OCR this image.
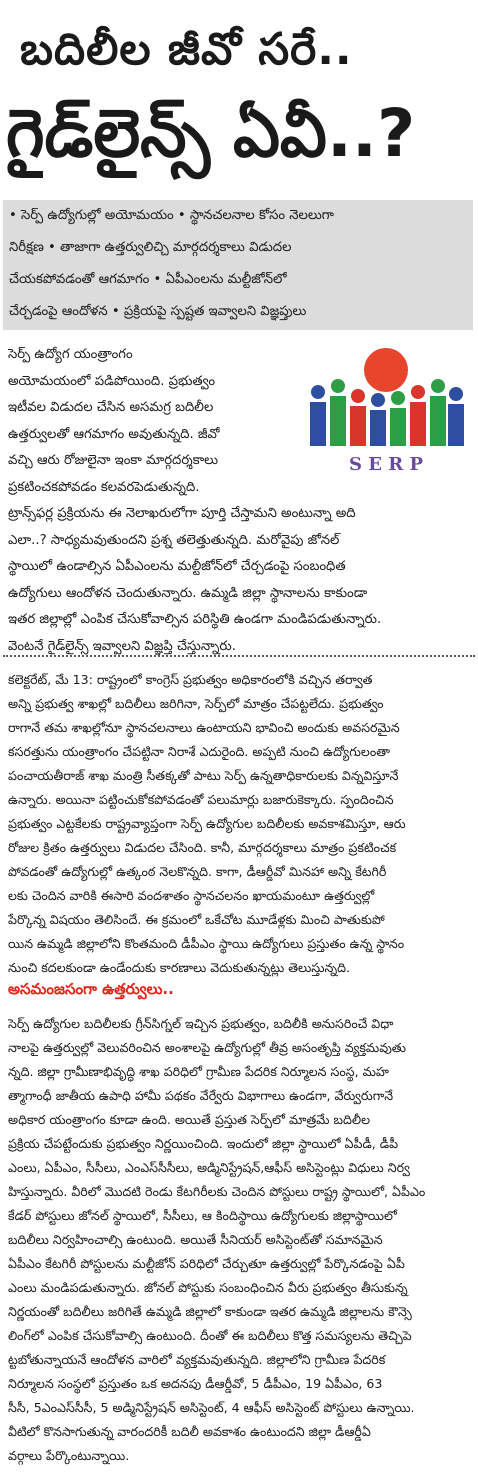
బదిలీల జీవో సరే..
గైడ్‌లైన్స్ ఏవీ..?

• సెర్ప్ ఉద్యోగుల్లో అయోమయం • స్థానచలనాల కోసం నెలలుగా

నిరీక్షణ • తాజాగా ఉత్తర్వులిచ్చి మార్గదర్శకాలు విడుదల

చేయకపోవడంతో ఆగమాగం • ఏపీఎంలను మల్టీజోన్‌లో

చేర్చడంపై ఆందోళన • ప్రక్రియపై స్పష్టత ఇవ్వాలని విజ్ఞప్తులు

సెర్ప్ ఉద్యోగ యంత్రాంగం

అయోమయంలో పడిపోయింది. ప్రభుత్వం

ఇటీవల విడుదల చేసిన అసమగ్ర బదిలీల

ఉత్తర్వులతో ఆగమాగం అవుతున్నది. జీవో

వచ్చి ఆరు రోజులైనా ఇంకా మార్గదర్శకాలు

ప్రకటించకపోవడం కలవరపెడుతున్నది.

ట్రాన్స్‌ఫర్ల ప్రక్రియను ఈ నెలాఖరులోగా పూర్తి చేస్తామని అంటున్నా అది

ఎలా..? సాధ్యమవుతుందని ప్రశ్న తలెత్తుతున్నది. మరోవైపు జోనల్

స్థాయిలో ఉండాల్సిన ఏపీఎంలను మల్టీజోన్‌లో చేర్చడంపై సంబంధిత

ఉద్యోగులు ఆందోళన చెందుతున్నారు. ఉమ్మడి జిల్లా స్థానాలను కాకుండా

ఇతర జిల్లాల్లో ఎంపిక చేసుకోవాల్సిన పరిస్థితి ఉండగా మండిపడుతున్నారు.

వెంటనే గైడ్‌లైన్స్ ఇవ్వాలని విజ్ఞప్తి చేస్తున్నారు.

S E R P

కలెక్టరేట్, మే 13: రాష్ట్రంలో కాంగ్రెస్ ప్రభుత్వం అధికారంలోకి వచ్చిన తర్వాత

అన్ని ప్రభుత్వ శాఖల్లో బదిలీలు జరిగినా, సెర్ప్‌లో మాత్రం చేపట్టలేదు. ప్రభుత్వం

రాగానే తమ శాఖల్లోనూ స్థానచలనాలు ఉంటాయని భావించి అందుకు అవసరమైన

కసరత్తును యంత్రాంగం చేపట్టినా నిరాశే ఎదురైంది. అప్పటి నుంచి ఉద్యోగులంతా

పంచాయతీరాజ్ శాఖ మంత్రి సీతక్కతో పాటు సెర్ప్ ఉన్నతాధికారులకు విన్నవిస్తూనే

ఉన్నారు. అయినా పట్టించుకోకపోవడంతో పలుమార్లు బజారుకెక్కారు. స్పందించిన

ప్రభుత్వం ఎట్టకేలకు రాష్ట్రవ్యాప్తంగా సెర్ప్ ఉద్యోగుల బదిలీలకు అవకాశమిస్తూ, ఆరు

రోజుల క్రితం ఉత్తర్వులు విడుదల చేసింది. కానీ, మార్గదర్శకాలు మాత్రం ప్రకటించక

పోవడంతో ఉద్యోగుల్లో ఉత్కంఠ నెలకొన్నది. కాగా, డీఆర్డీవో మినహా అన్ని కేటగిరీ

లకు చెందిన వారికి ఈసారి వందశాతం స్థానచలనం ఖాయమంటూ ఉత్తర్వుల్లో

పేర్కొన్న విషయం తెలిసిందే. ఈ క్రమంలో ఒకేచోట మూడేళ్లకు మించి పాతుకుపో

యిన ఉమ్మడి జిల్లాలోని కొంతమంది డీపీఎం స్థాయి ఉద్యోగులు ప్రస్తుతం ఉన్న స్థానం

నుంచి కదలకుండా ఉండేందుకు కారణాలు వెదుకుతున్నట్లు తెలుస్తున్నది.

అసమంజసంగా ఉత్తర్వులు..

సెర్ప్ ఉద్యోగుల బదిలీలకు గ్రీన్‌సిగ్నల్ ఇచ్చిన ప్రభుత్వం, బదిలీకి అనుసరించే విధా

నాలపై ఉత్తర్వుల్లో వెలువరించిన అంశాలపై ఉద్యోగుల్లో తీవ్ర అసంతృప్తి వ్యక్తమవుతు

న్నది. జిల్లా గ్రామీణాభివృద్ధి శాఖ పరిధిలో గ్రామీణ పేదరిక నిర్మూలన సంస్థ, మహ

త్మాగాంధీ జాతీయ ఉపాధి హామీ పథకం వేర్వేరు విభాగాలు ఉండగా, వేర్వురుగానే

అధికార యంత్రాంగం కూడా ఉంది. అయితే ప్రస్తుత సెర్ప్‌లో మాత్రమే బదిలీల

ప్రక్రియ చేపట్టేందుకు ప్రభుత్వం నిర్ణయించింది. ఇందులో జిల్లా స్థాయిలో ఏపీడీ, డీపీ

ఎంలు, ఏపీఎం, సీసీలు, ఎంఎస్‌సీసీలు, అడ్మినిస్ట్రేషన్,ఆఫీస్ అసిస్టెంట్లు విధులు నిర్వ

హిస్తున్నారు. వీరిలో మొదటి రెండు కేటగిరీలకు చెందిన పోస్టులు రాష్ట్ర స్థాయిలో, ఏపీఎం

కేడర్ పోస్టులు జోనల్ స్థాయిలో, సీసీలు, ఆ కిందిస్థాయి ఉద్యోగులకు జిల్లాస్థాయిలో

బదిలీలు నిర్వహించాల్సి ఉంటుంది. అయితే సీనియర్ అసిస్టెంట్‌తో సమానమైన

ఏపీఎం కేటగిరీ పోస్టులను మల్టీజోన్ పరిధిలో చేర్చుతూ ఉత్తర్వుల్లో పేర్కొనడంపై ఏపీ

ఎంలు మండిపడుతున్నారు. జోనల్ పోస్టుకు సంబంధించిన వీరు ప్రభుత్వం తీసుకున్న

నిర్ణయంతో బదిలీలు జరిగితే ఉమ్మడి జిల్లాలో కాకుండా ఇతర ఉమ్మడి జిల్లాలను కౌన్సె

లింగ్‌లో ఎంపిక చేసుకోవాల్సి ఉంటుంది. దీంతో ఈ బదిలీలు కొత్త సమస్యలను తెచ్చిపె

ట్టబోతున్నాయనే ఆందోళన వారిలో వ్యక్తమవుతున్నది. జిల్లాలోని గ్రామీణ పేదరిక

నిర్మూలన సంస్థలో ప్రస్తుతం ఒక అదనపు డీఆర్డీవో, 5 డీపీఎం, 19 ఏపీఎం, 63

సీసీ, 5ఎంఎస్‌సీసీ, 5 అడ్మినిస్ట్రేషన్ అసిస్టెంట్, 4 ఆఫీస్ అసిస్టెంట్ పోస్టులు ఉన్నాయి.

వీటిలో కొనసాగుతున్న వారందరికీ బదిలీ అవకాశం ఉంటుందని జిల్లా డీఆర్డీఏ

వర్గాలు పేర్కొంటున్నాయి.
